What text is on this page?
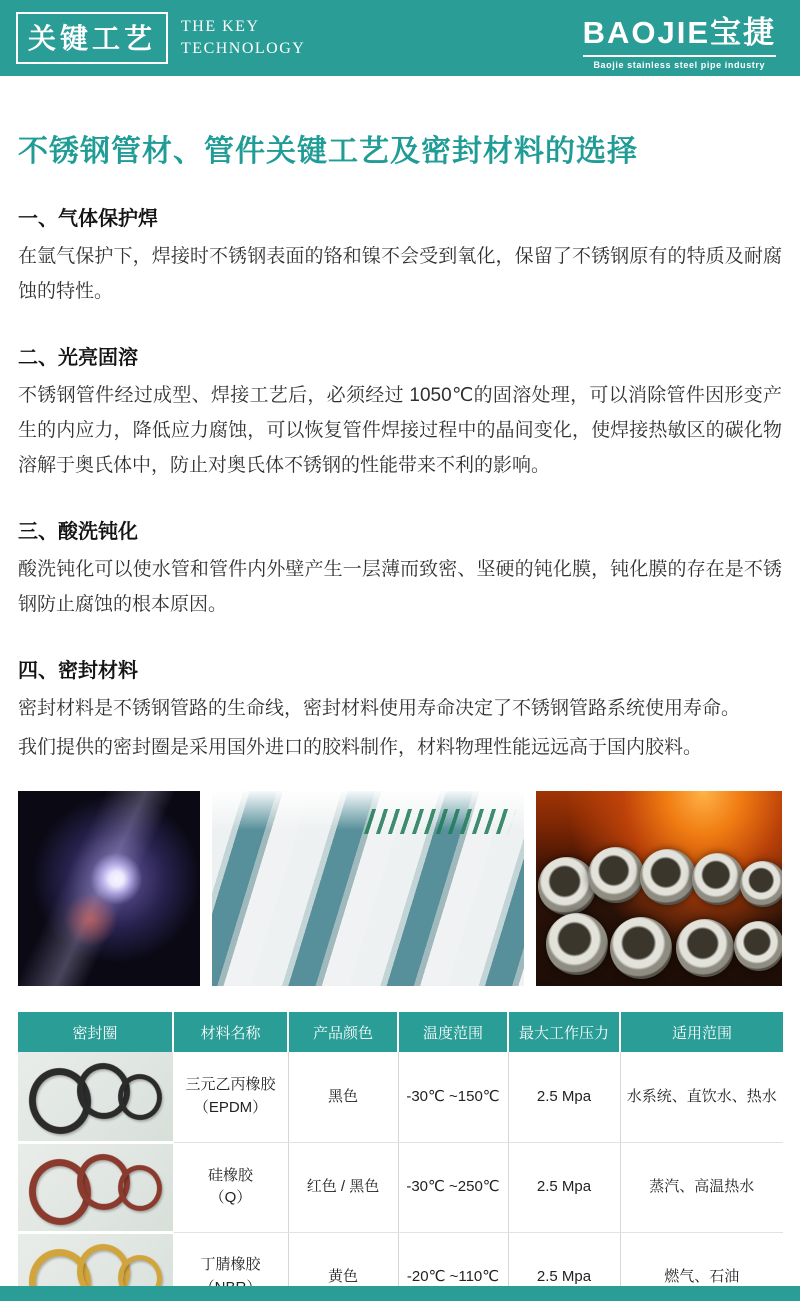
关键工艺	THE KEY
TECHNOLOGY	BAOJIE宝捷
Baojie stainless steel pipe industry
不锈钢管材、管件关键工艺及密封材料的选择
一、气体保护焊

在氩气保护下，焊接时不锈钢表面的铬和镍不会受到氧化，保留了不锈钢原有的特质及耐腐蚀的特性。

二、光亮固溶

不锈钢管件经过成型、焊接工艺后，必须经过 1050℃的固溶处理，可以消除管件因形变产生的内应力，降低应力腐蚀，可以恢复管件焊接过程中的晶间变化，使焊接热敏区的碳化物溶解于奥氏体中，防止对奥氏体不锈钢的性能带来不利的影响。

三、酸洗钝化

酸洗钝化可以使水管和管件内外壁产生一层薄而致密、坚硬的钝化膜，钝化膜的存在是不锈钢防止腐蚀的根本原因。

四、密封材料

密封材料是不锈钢管路的生命线，密封材料使用寿命决定了不锈钢管路系统使用寿命。

我们提供的密封圈是采用国外进口的胶料制作，材料物理性能远远高于国内胶料。

密封圈	材料名称	产品颜色	温度范围	最大工作压力	适用范围

	三元乙丙橡胶
（EPDM）	黑色	-30℃ ~150℃	2.5 Mpa	水系统、直饮水、热水

	硅橡胶
（Q）	红色 / 黑色	-30℃ ~250℃	2.5 Mpa	蒸汽、高温热水

	丁腈橡胶	黄色	-20℃ ~110℃	2.5 Mpa	燃气、石油
